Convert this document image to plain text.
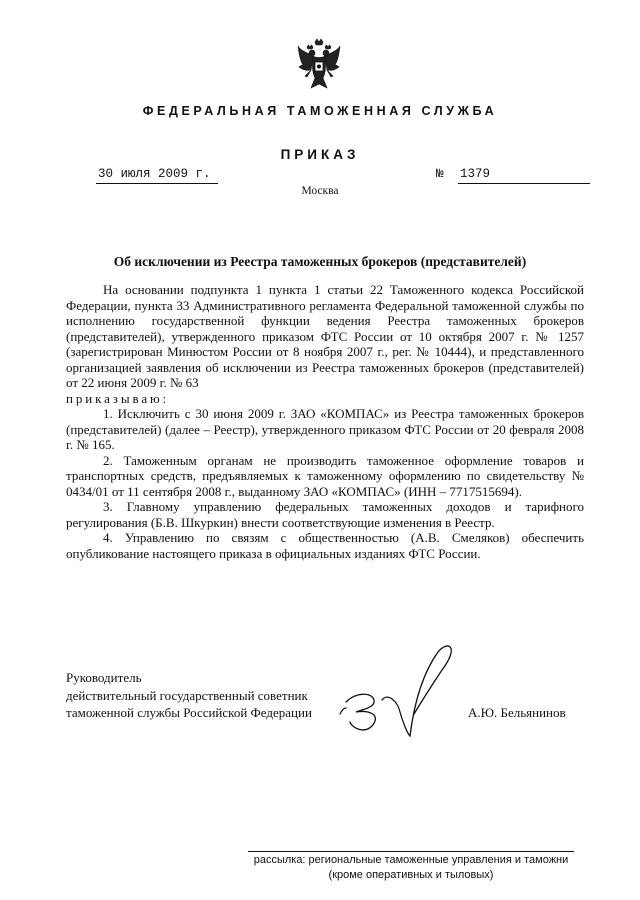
ФЕДЕРАЛЬНАЯ ТАМОЖЕННАЯ СЛУЖБА
ПРИКАЗ
30 июля 2009 г.	№ 1379
Москва
Об исключении из Реестра таможенных брокеров (представителей)

На основании подпункта 1 пункта 1 статьи 22 Таможенного кодекса Российской Федерации, пункта 33 Административного регламента Федеральной таможенной службы по исполнению государственной функции ведения Реестра таможенных брокеров (представителей), утвержденного приказом ФТС России от 10 октября 2007 г. № 1257 (зарегистрирован Минюстом России от 8 ноября 2007 г., рег. № 10444), и представленного организацией заявления об исключении из Реестра таможенных брокеров (представителей) от 22 июня 2009 г. № 63

приказываю:

1. Исключить с 30 июня 2009 г. ЗАО «КОМПАС» из Реестра таможенных брокеров (представителей) (далее – Реестр), утвержденного приказом ФТС России от 20 февраля 2008 г. № 165.

2. Таможенным органам не производить таможенное оформление товаров и транспортных средств, предъявляемых к таможенному оформлению по свидетельству № 0434/01 от 11 сентября 2008 г., выданному ЗАО «КОМПАС» (ИНН – 7717515694).

3. Главному управлению федеральных таможенных доходов и тарифного регулирования (Б.В. Шкуркин) внести соответствующие изменения в Реестр.

4. Управлению по связям с общественностью (А.В. Смеляков) обеспечить опубликование настоящего приказа в официальных изданиях ФТС России.

Руководитель
действительный государственный советник
таможенной службы Российской Федерации	А.Ю. Бельянинов
рассылка: региональные таможенные управления и таможни
(кроме оперативных и тыловых)
